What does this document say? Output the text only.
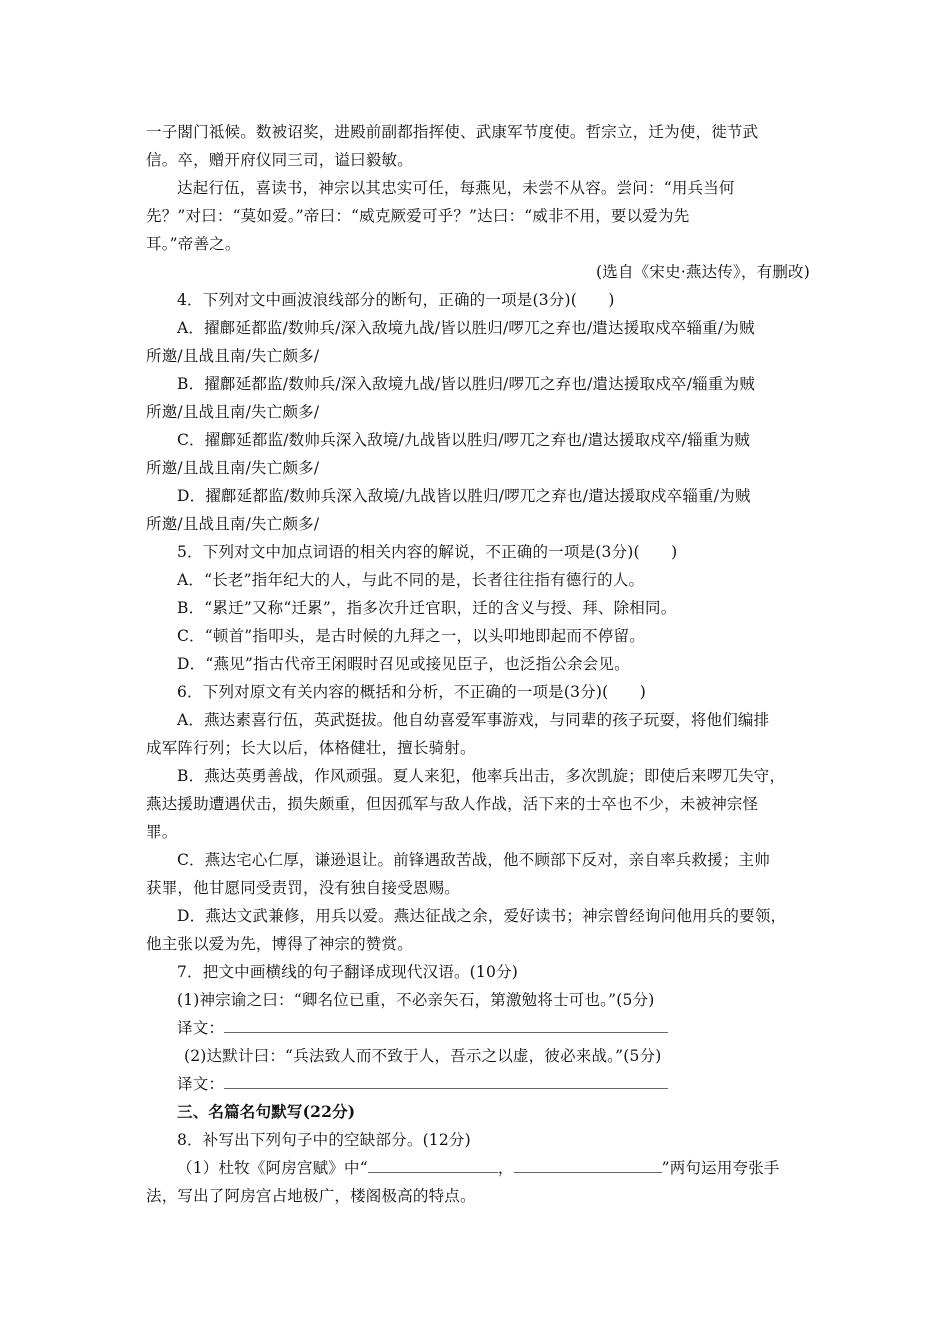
一子閤门祗候。数被诏奖，进殿前副都指挥使、武康军节度使。哲宗立，迁为使，徙节武
信。卒，赠开府仪同三司，谥曰毅敏。
达起行伍，喜读书，神宗以其忠实可任，每燕见，未尝不从容。尝问：“用兵当何
先？”对曰：“莫如爱。”帝曰：“威克厥爱可乎？”达曰：“威非不用，要以爱为先
耳。”帝善之。
(选自《宋史·燕达传》，有删改)
4．下列对文中画波浪线部分的断句，正确的一项是(3分)(　　)
A．擢鄜延都监/数帅兵/深入敌境九战/皆以胜归/啰兀之弃也/遣达援取戍卒辎重/为贼
所邀/且战且南/失亡颇多/
B．擢鄜延都监/数帅兵/深入敌境九战/皆以胜归/啰兀之弃也/遣达援取戍卒/辎重为贼
所邀/且战且南/失亡颇多/
C．擢鄜延都监/数帅兵深入敌境/九战皆以胜归/啰兀之弃也/遣达援取戍卒/辎重为贼
所邀/且战且南/失亡颇多/
D．擢鄜延都监/数帅兵深入敌境/九战皆以胜归/啰兀之弃也/遣达援取戍卒辎重/为贼
所邀/且战且南/失亡颇多/
5．下列对文中加点词语的相关内容的解说，不正确的一项是(3分)(　　)
A．“长老”指年纪大的人，与此不同的是，长者往往指有德行的人。
B．“累迁”又称“迁累”，指多次升迁官职，迁的含义与授、拜、除相同。
C．“顿首”指叩头，是古时候的九拜之一，以头叩地即起而不停留。
D．“燕见”指古代帝王闲暇时召见或接见臣子，也泛指公余会见。
6．下列对原文有关内容的概括和分析，不正确的一项是(3分)(　　)
A．燕达素喜行伍，英武挺拔。他自幼喜爱军事游戏，与同辈的孩子玩耍，将他们编排
成军阵行列；长大以后，体格健壮，擅长骑射。
B．燕达英勇善战，作风顽强。夏人来犯，他率兵出击，多次凯旋；即使后来啰兀失守，
燕达援助遭遇伏击，损失颇重，但因孤军与敌人作战，活下来的士卒也不少，未被神宗怪
罪。
C．燕达宅心仁厚，谦逊退让。前锋遇敌苦战，他不顾部下反对，亲自率兵救援；主帅
获罪，他甘愿同受责罚，没有独自接受恩赐。
D．燕达文武兼修，用兵以爱。燕达征战之余，爱好读书；神宗曾经询问他用兵的要领，
他主张以爱为先，博得了神宗的赞赏。
7．把文中画横线的句子翻译成现代汉语。(10分)
(1)神宗谕之曰：“卿名位已重，不必亲矢石，第激勉将士可也。”(5分)
译文：
(2)达默计曰：“兵法致人而不致于人，吾示之以虚，彼必来战。”(5分)
译文：
三、名篇名句默写(22分)
8．补写出下列句子中的空缺部分。(12分)
（1）杜牧《阿房宫赋》中“	，	”两句运用夸张手
法，写出了阿房宫占地极广，楼阁极高的特点。
